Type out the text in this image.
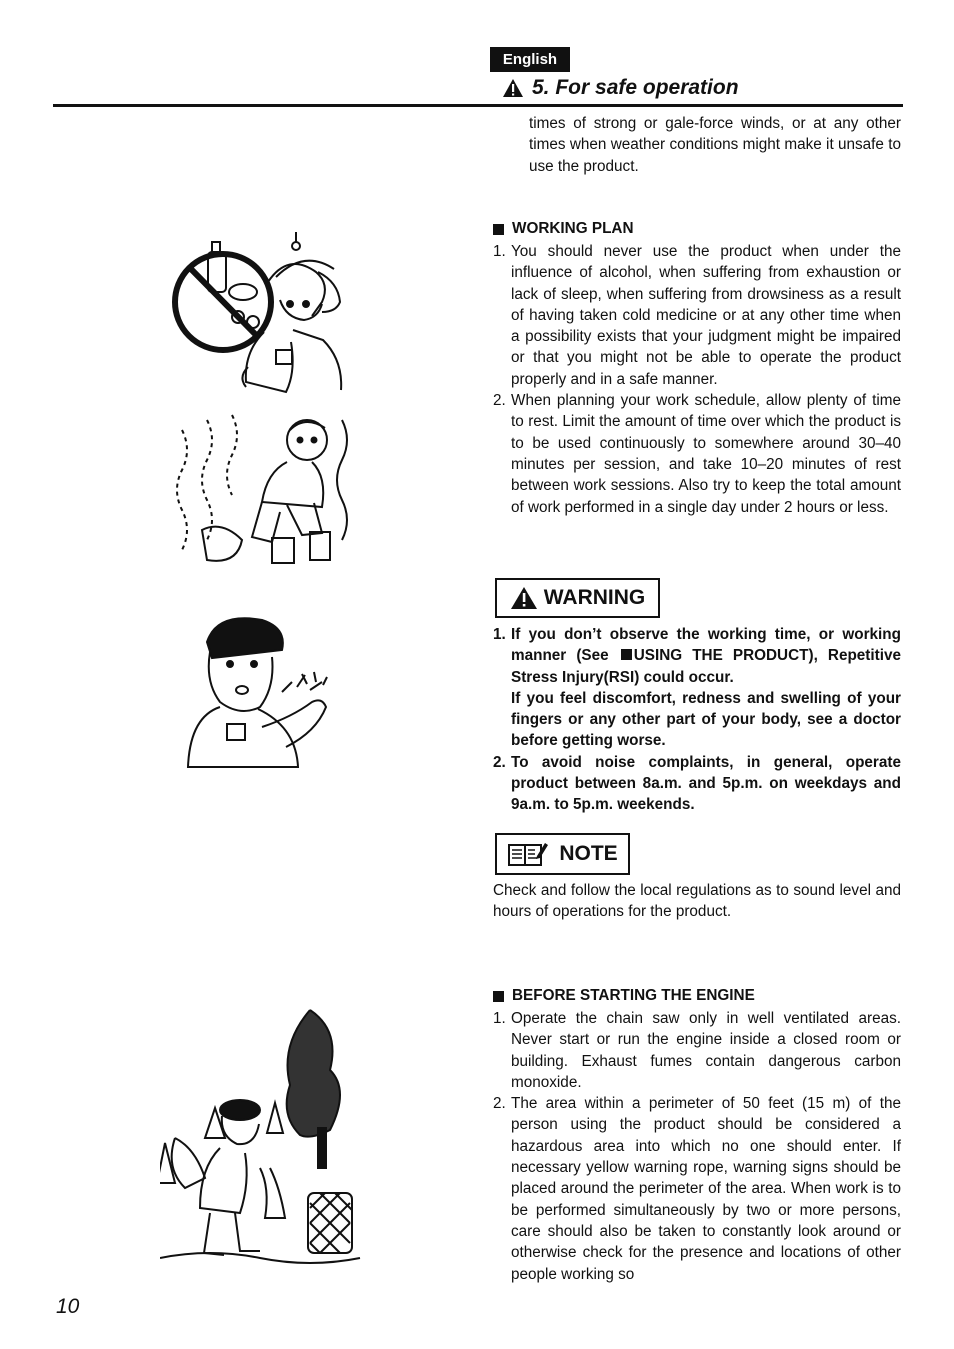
English
5. For safe operation
times of strong or gale-force winds, or at any other times when weather conditions might make it unsafe to use the product.
WORKING PLAN
1. You should never use the product when under the influence of alcohol, when suffering from exhaustion or lack of sleep, when suffering from drowsiness as a result of having taken cold medicine or at any other time when a possibility exists that your judgment might be impaired or that you might not be able to operate the product properly and in a safe manner.
2. When planning your work schedule, allow plenty of time to rest. Limit the amount of time over which the product is to be used continuously to somewhere around 30–40 minutes per session, and take 10–20 minutes of rest between work sessions. Also try to keep the total amount of work performed in a single day under 2 hours or less.
WARNING
1. If you don’t observe the working time, or working manner (See USING THE PRODUCT), Repetitive Stress Injury(RSI) could occur.
If you feel discomfort, redness and swelling of your fingers or any other part of your body, see a doctor before getting worse.
2. To avoid noise complaints, in general, operate product between 8a.m. and 5p.m. on weekdays and 9a.m. to 5p.m. weekends.
NOTE
Check and follow the local regulations as to sound level and hours of operations for the product.
BEFORE STARTING THE ENGINE
1. Operate the chain saw only in well ventilated areas. Never start or run the engine inside a closed room or building. Exhaust fumes contain dangerous carbon monoxide.
2. The area within a perimeter of 50 feet (15 m) of the person using the product should be considered a hazardous area into which no one should enter. If necessary yellow warning rope, warning signs should be placed around the perimeter of the area. When work is to be performed simultaneously by two or more persons, care should also be taken to constantly look around or otherwise check for the presence and locations of other people working so
10
